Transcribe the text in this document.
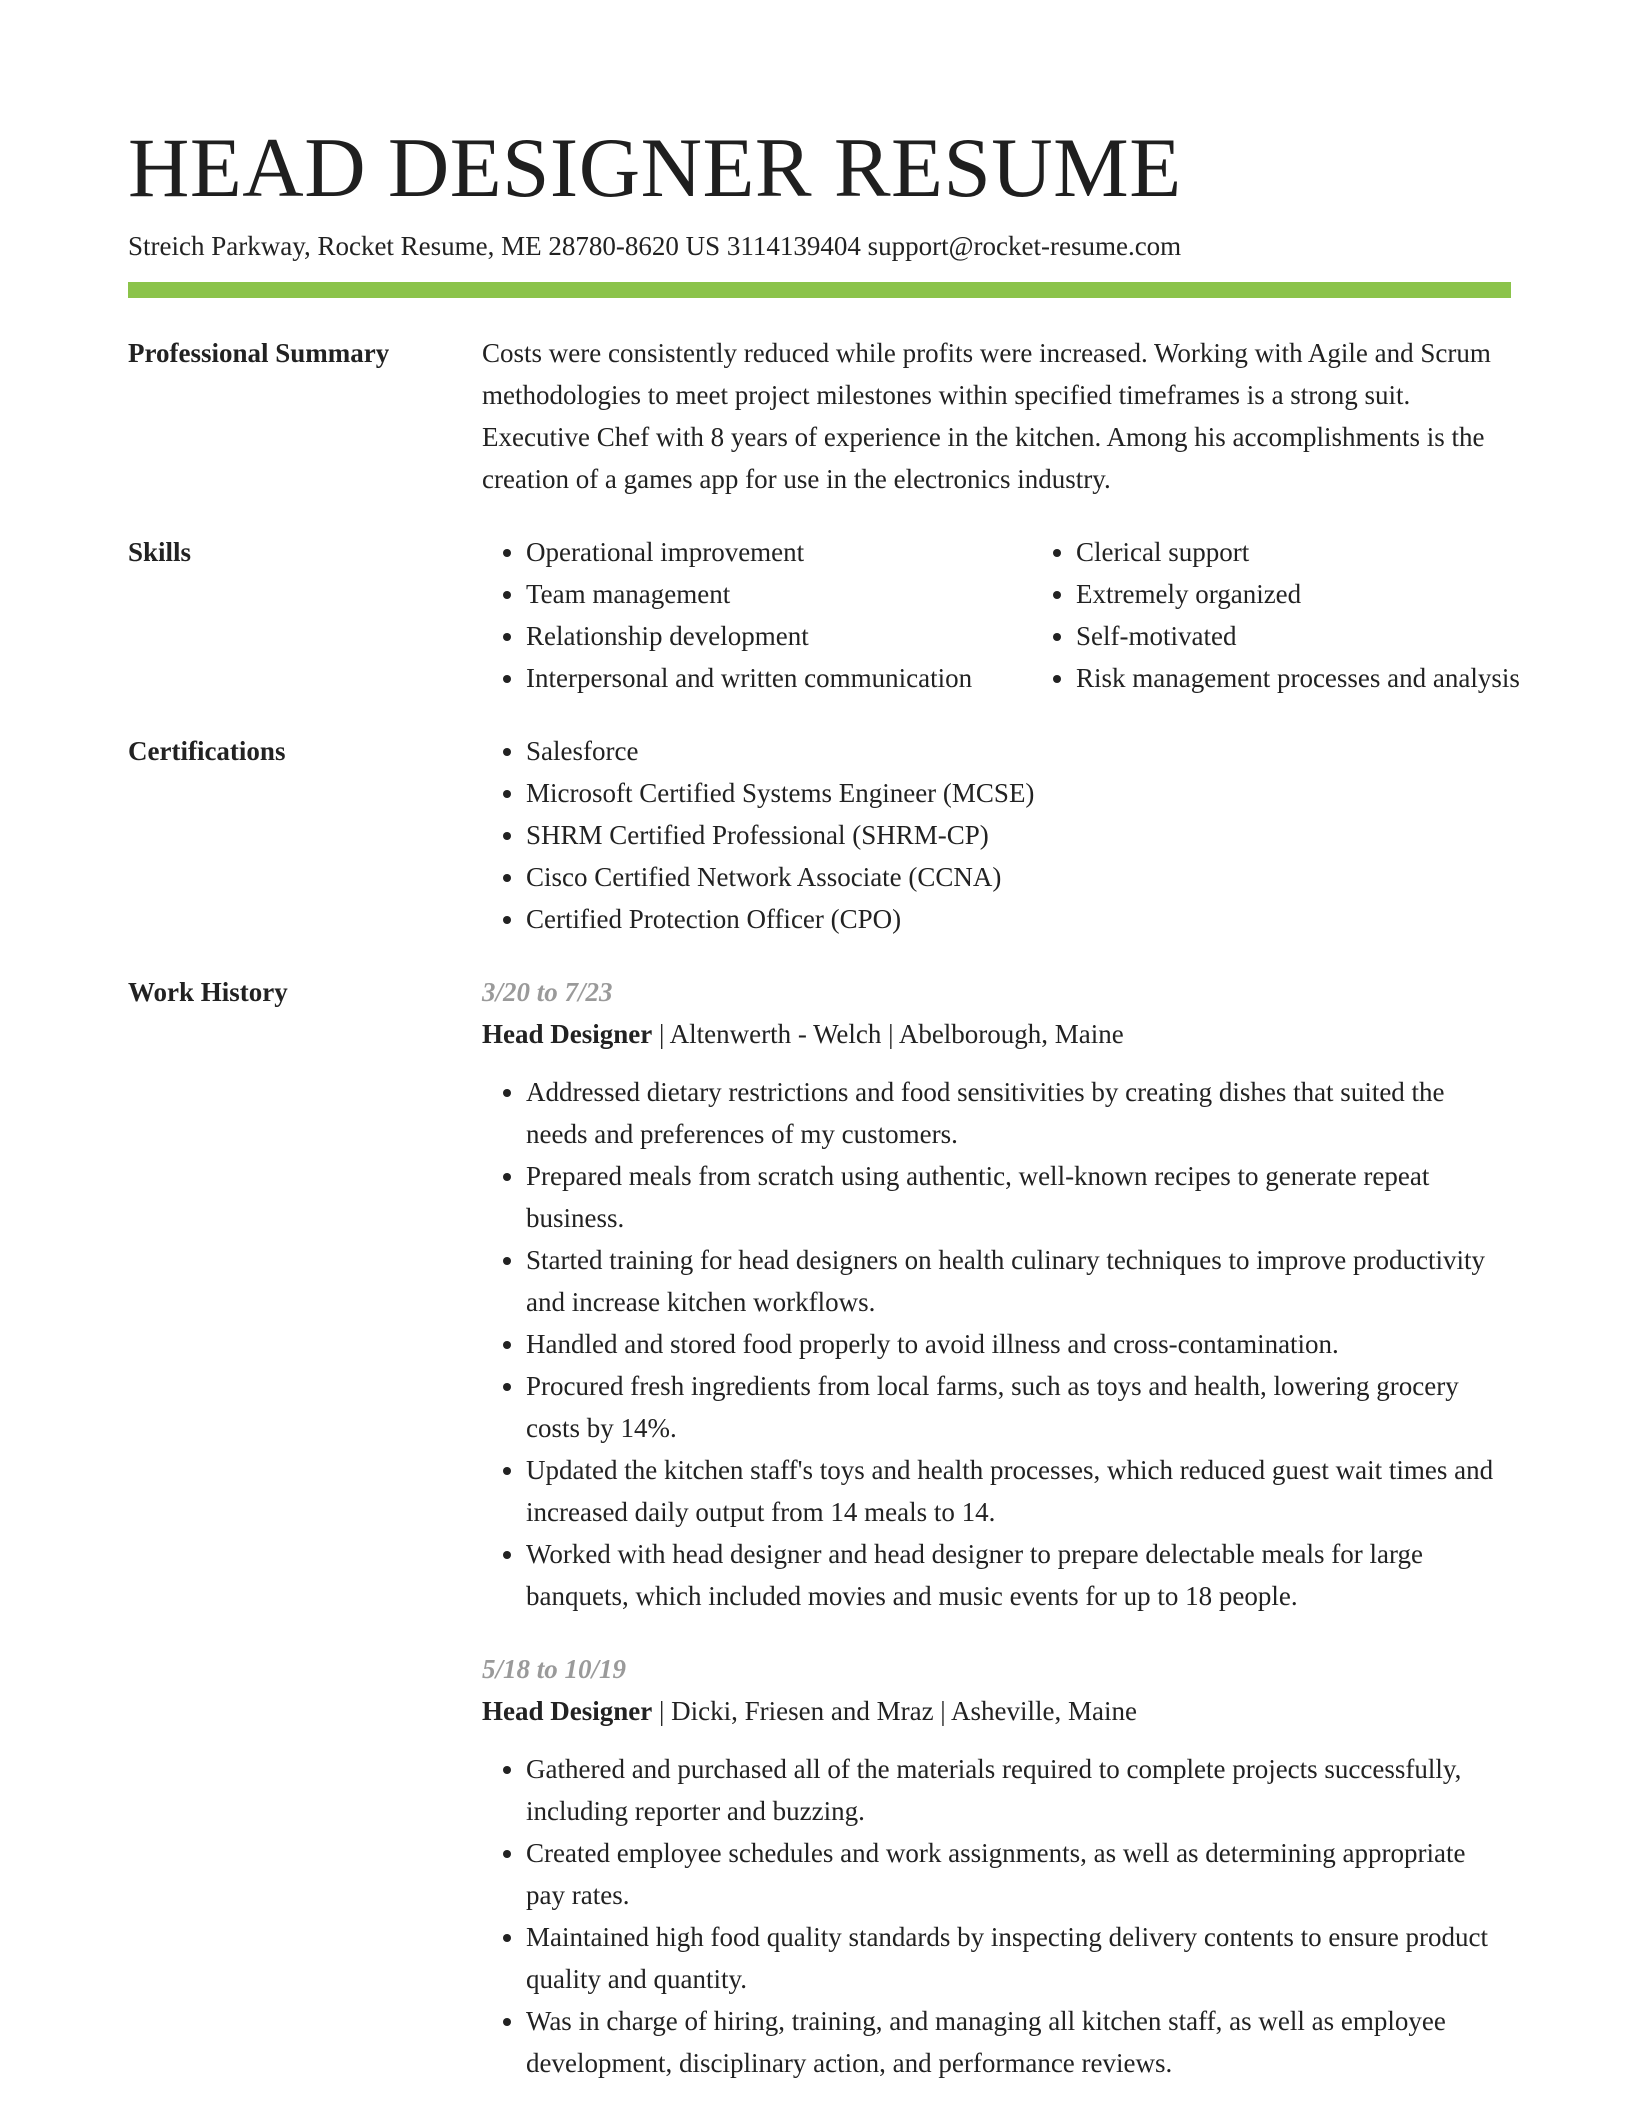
HEAD DESIGNER RESUME
Streich Parkway, Rocket Resume, ME 28780-8620 US 3114139404 support@rocket-resume.com
Professional Summary	Costs were consistently reduced while profits were increased. Working with Agile and Scrum methodologies to meet project milestones within specified timeframes is a strong suit. Executive Chef with 8 years of experience in the kitchen. Among his accomplishments is the creation of a games app for use in the electronics industry.

Skills	• Operational improvement
• Team management
• Relationship development
• Interpersonal and written communication
• Clerical support
• Extremely organized
• Self-motivated
• Risk management processes and analysis
Certifications	• Salesforce
• Microsoft Certified Systems Engineer (MCSE)
• SHRM Certified Professional (SHRM-CP)
• Cisco Certified Network Associate (CCNA)
• Certified Protection Officer (CPO)
Work History	3/20 to 7/23
Head Designer | Altenwerth - Welch | Abelborough, Maine
• Addressed dietary restrictions and food sensitivities by creating dishes that suited the needs and preferences of my customers.
• Prepared meals from scratch using authentic, well-known recipes to generate repeat business.
• Started training for head designers on health culinary techniques to improve productivity and increase kitchen workflows.
• Handled and stored food properly to avoid illness and cross-contamination.
• Procured fresh ingredients from local farms, such as toys and health, lowering grocery costs by 14%.
• Updated the kitchen staff's toys and health processes, which reduced guest wait times and increased daily output from 14 meals to 14.
• Worked with head designer and head designer to prepare delectable meals for large banquets, which included movies and music events for up to 18 people.
5/18 to 10/19
Head Designer | Dicki, Friesen and Mraz | Asheville, Maine
• Gathered and purchased all of the materials required to complete projects successfully, including reporter and buzzing.
• Created employee schedules and work assignments, as well as determining appropriate pay rates.
• Maintained high food quality standards by inspecting delivery contents to ensure product quality and quantity.
• Was in charge of hiring, training, and managing all kitchen staff, as well as employee development, disciplinary action, and performance reviews.
